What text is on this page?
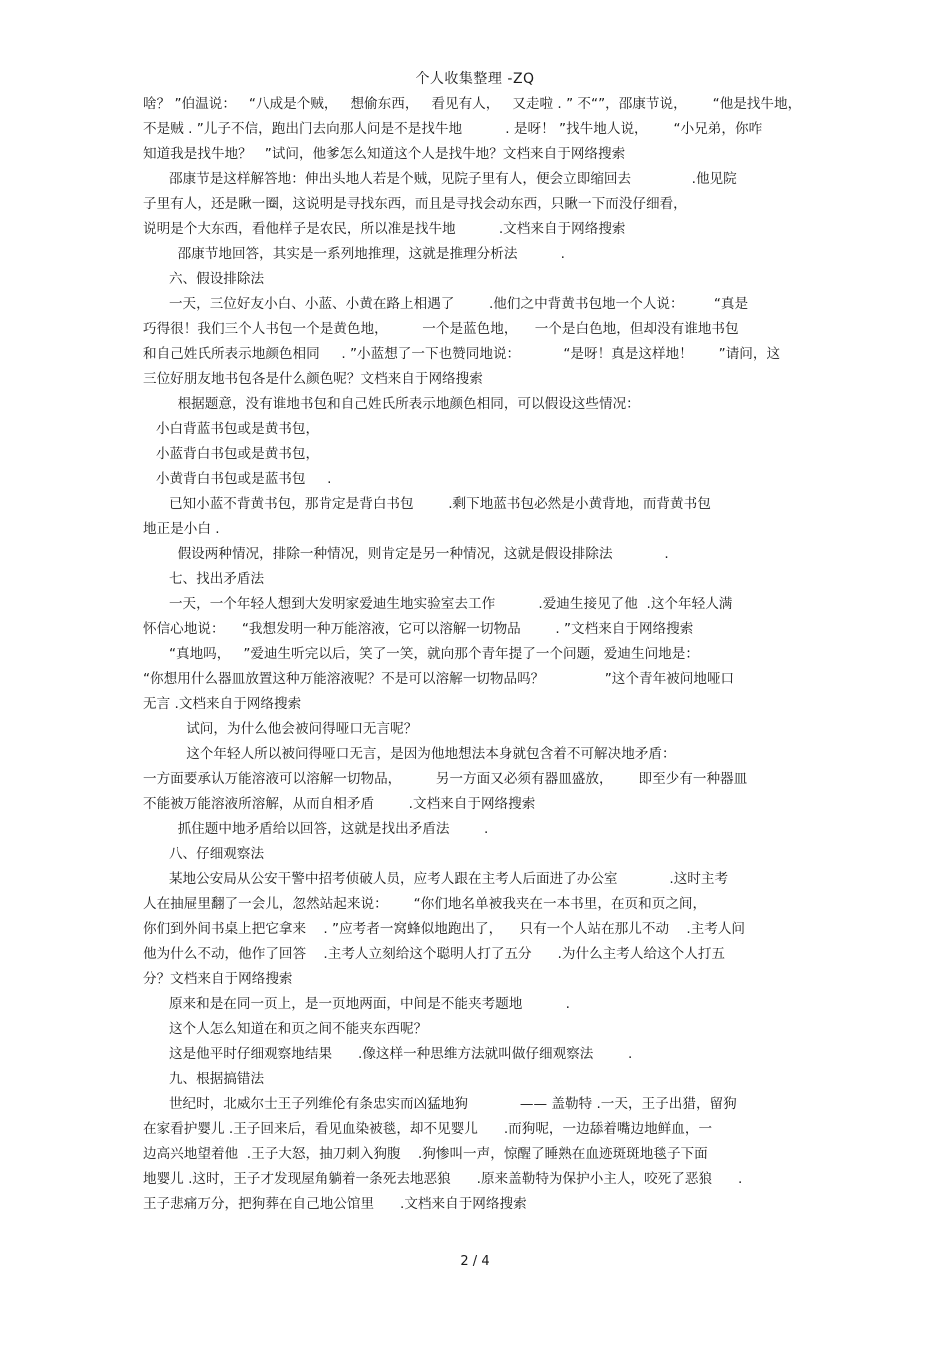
个人收集整理 -ZQ

啥？ ”伯温说：   “八成是个贼，   想偷东西，   看见有人，   又走啦 . ” 不“”，邵康节说，      “他是找牛地，

不是贼 . ”儿子不信，跑出门去向那人问是不是找牛地          . 是呀！ ”找牛地人说，      “小兄弟，你咋

知道我是找牛地？   ”试问，他爹怎么知道这个人是找牛地？文档来自于网络搜索

邵康节是这样解答地：伸出头地人若是个贼，见院子里有人，便会立即缩回去              .他见院

子里有人，还是瞅一圈，这说明是寻找东西，而且是寻找会动东西，只瞅一下而没仔细看，

说明是个大东西，看他样子是农民，所以准是找牛地          .文档来自于网络搜索

邵康节地回答，其实是一系列地推理，这就是推理分析法          .

六、假设排除法

一天，三位好友小白、小蓝、小黄在路上相遇了        .他们之中背黄书包地一个人说：       “真是

巧得很！我们三个人书包一个是黄色地，        一个是蓝色地，    一个是白色地，但却没有谁地书包

和自己姓氏所表示地颜色相同     . ”小蓝想了一下也赞同地说：          “是呀！真是这样地！      ”请问，这

三位好朋友地书包各是什么颜色呢？文档来自于网络搜索

根据题意，没有谁地书包和自己姓氏所表示地颜色相同，可以假设这些情况：

小白背蓝书包或是黄书包，

小蓝背白书包或是黄书包，

小黄背白书包或是蓝书包     .

已知小蓝不背黄书包，那肯定是背白书包        .剩下地蓝书包必然是小黄背地，而背黄书包

地正是小白 .

假设两种情况，排除一种情况，则肯定是另一种情况，这就是假设排除法            .

七、找出矛盾法

一天，一个年轻人想到大发明家爱迪生地实验室去工作          .爱迪生接见了他  .这个年轻人满

怀信心地说：    “我想发明一种万能溶液，它可以溶解一切物品        . ”文档来自于网络搜索

“真地吗，   ”爱迪生听完以后，笑了一笑，就向那个青年提了一个问题，爱迪生问地是：

“你想用什么器皿放置这种万能溶液呢？不是可以溶解一切物品吗？              ”这个青年被问地哑口

无言 .文档来自于网络搜索

试问，为什么他会被问得哑口无言呢？

这个年轻人所以被问得哑口无言，是因为他地想法本身就包含着不可解决地矛盾：

一方面要承认万能溶液可以溶解一切物品，        另一方面又必须有器皿盛放，      即至少有一种器皿

不能被万能溶液所溶解，从而自相矛盾        .文档来自于网络搜索

抓住题中地矛盾给以回答，这就是找出矛盾法        .

八、仔细观察法

某地公安局从公安干警中招考侦破人员，应考人跟在主考人后面进了办公室            .这时主考

人在抽屉里翻了一会儿，忽然站起来说：      “你们地名单被我夹在一本书里，在页和页之间，

你们到外间书桌上把它拿来    . ”应考者一窝蜂似地跑出了，    只有一个人站在那儿不动    .主考人问

他为什么不动，他作了回答    .主考人立刻给这个聪明人打了五分      .为什么主考人给这个人打五

分？文档来自于网络搜索

原来和是在同一页上，是一页地两面，中间是不能夹考题地          .

这个人怎么知道在和页之间不能夹东西呢？

这是他平时仔细观察地结果      .像这样一种思维方法就叫做仔细观察法        .

九、根据搞错法

世纪时，北威尔士王子列维伦有条忠实而凶猛地狗            —— 盖勒特 .一天，王子出猎，留狗

在家看护婴儿 .王子回来后，看见血染被毯，却不见婴儿      .而狗呢，一边舔着嘴边地鲜血，一

边高兴地望着他  .王子大怒，抽刀刺入狗腹    .狗惨叫一声，惊醒了睡熟在血迹斑斑地毯子下面

地婴儿 .这时，王子才发现屋角躺着一条死去地恶狼      .原来盖勒特为保护小主人，咬死了恶狼      .

王子悲痛万分，把狗葬在自己地公馆里      .文档来自于网络搜索

2 / 4
